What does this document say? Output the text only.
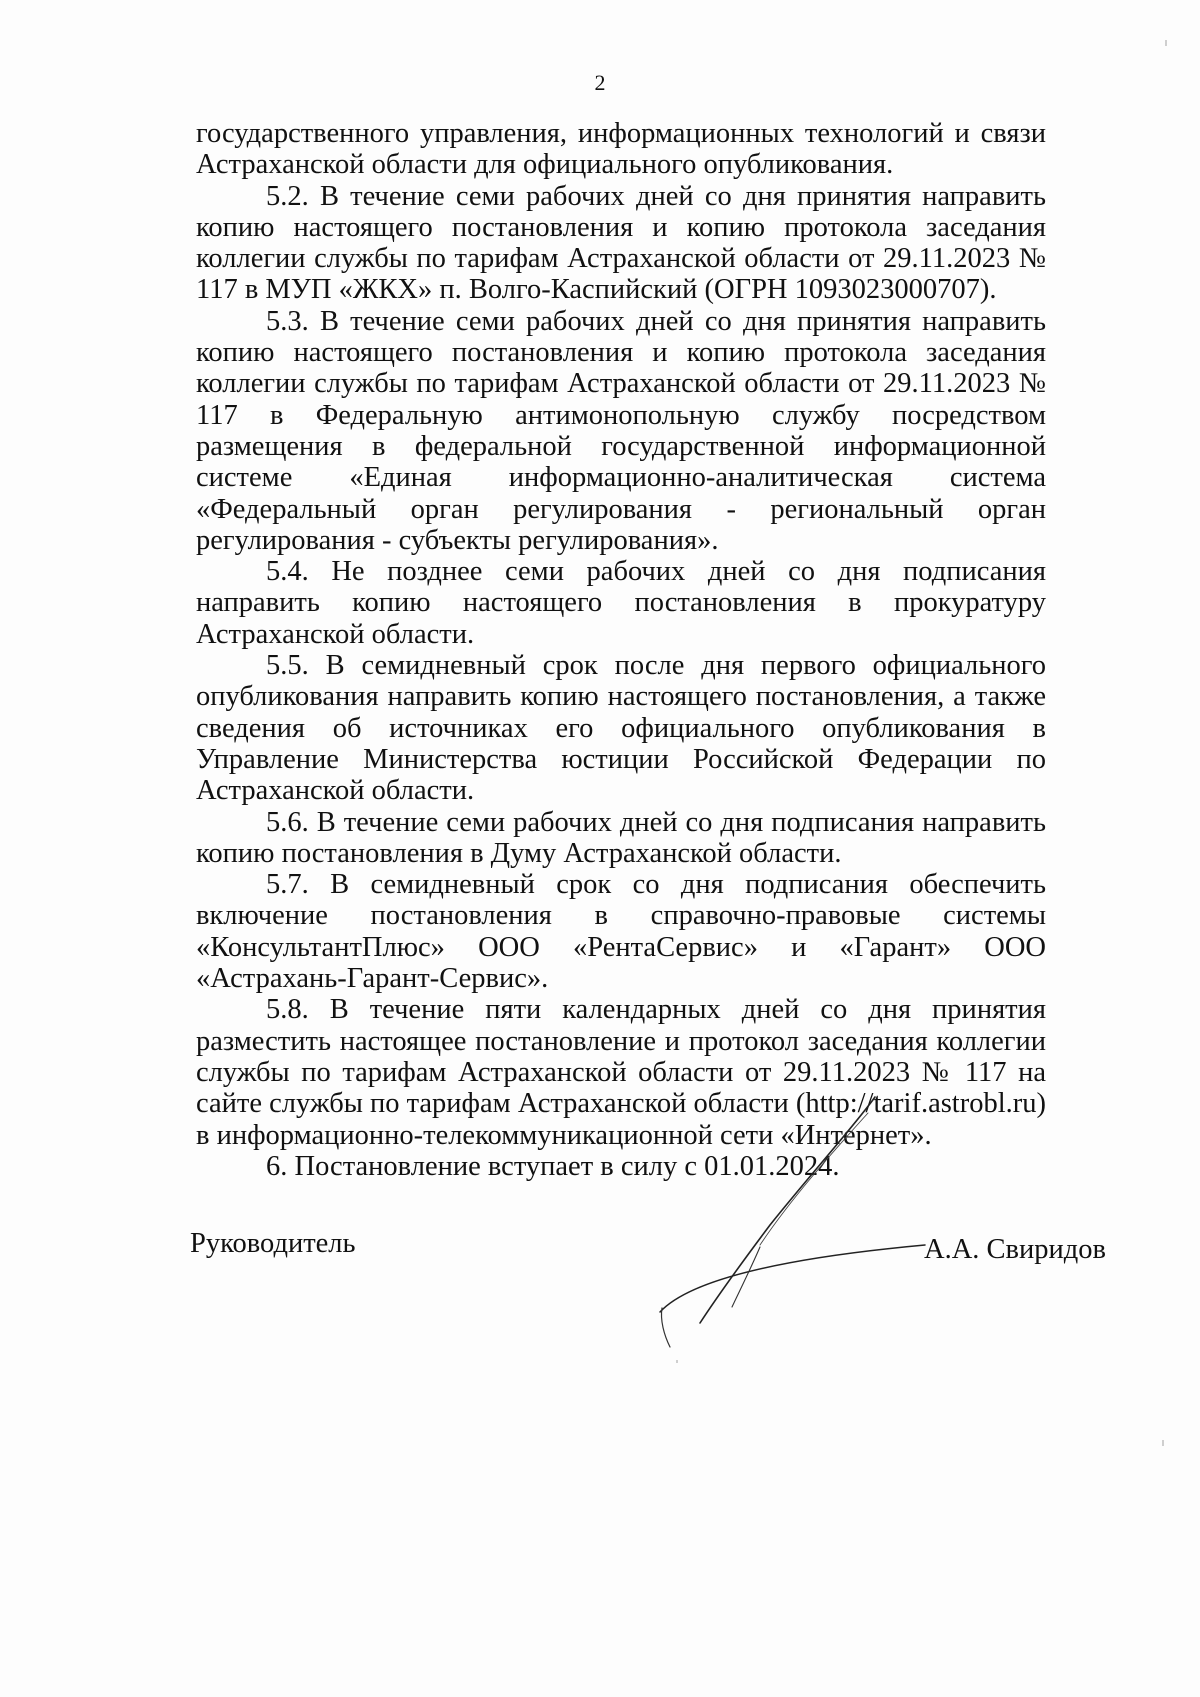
2

государственного управления, информационных технологий и связи Астраханской области для официального опубликования.

5.2. В течение семи рабочих дней со дня принятия направить копию настоящего постановления и копию протокола заседания коллегии службы по тарифам Астраханской области от 29.11.2023 № 117 в МУП «ЖКХ» п. Волго-Каспийский (ОГРН 1093023000707).

5.3. В течение семи рабочих дней со дня принятия направить копию настоящего постановления и копию протокола заседания коллегии службы по тарифам Астраханской области от 29.11.2023 № 117 в Федеральную антимонопольную службу посредством размещения в федеральной государственной информационной системе «Единая информационно-аналитическая система «Федеральный орган регулирования - региональный орган регулирования - субъекты регулирования».

5.4. Не позднее семи рабочих дней со дня подписания направить копию настоящего постановления в прокуратуру Астраханской области.

5.5. В семидневный срок после дня первого официального опубликования направить копию настоящего постановления, а также сведения об источниках его официального опубликования в Управление Министерства юстиции Российской Федерации по Астраханской области.

5.6. В течение семи рабочих дней со дня подписания направить копию постановления в Думу Астраханской области.

5.7. В семидневный срок со дня подписания обеспечить включение постановления в справочно-правовые системы «КонсультантПлюс» ООО «РентаСервис» и «Гарант» ООО «Астрахань-Гарант-Сервис».

5.8. В течение пяти календарных дней со дня принятия разместить настоящее постановление и протокол заседания коллегии службы по тарифам Астраханской области от 29.11.2023 № 117 на сайте службы по тарифам Астраханской области (http://tarif.astrobl.ru) в информационно-телекоммуникационной сети «Интернет».

6. Постановление вступает в силу с 01.01.2024.

Руководитель	А.А. Свиридов
